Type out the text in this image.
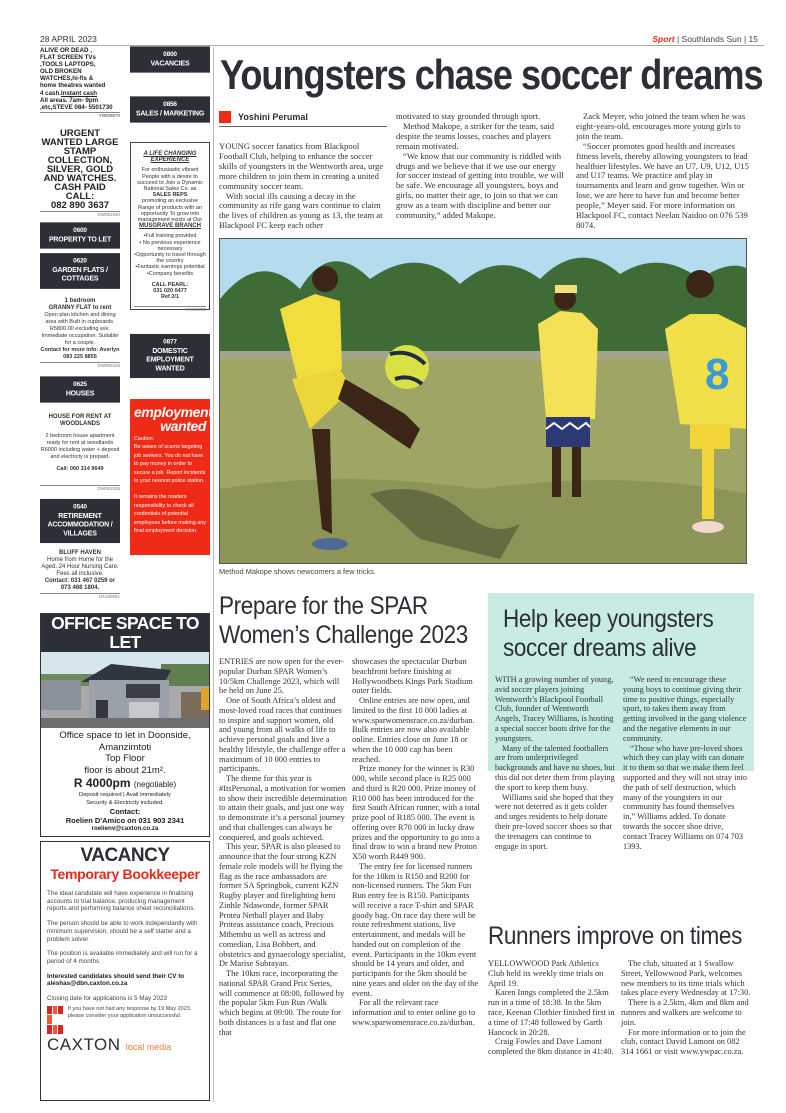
28 APRIL 2023	Sport | Southlands Sun | 15
ALIVE OR DEAD ,
FLAT SCREEN TVs
,TOOLS LAPTOPS,
OLD BROKEN
WATCHES,hi-fis &
home theatres wanted
4 cash.Instant cash
All areas. 7am- 9pm
,etc,STEVE 084- 5501730
YN005670
URGENT
WANTED LARGE
STAMP
COLLECTION,
SILVER, GOLD
AND WATCHES.
CASH PAID
CALL:
082 890 3637
DW051940
0600
PROPERTY TO LET
0620
GARDEN FLATS / COTTAGES
1 bedroom
GRANNY FLAT to rent
Open plan kitchen and dining area with Built in cupboards. R5800.00 excluding w/e. Immediate occupation. Suitable for a couple.
Contact for more info: Averlyn 083 225 8855
DW000429
0625
HOUSES
HOUSE FOR RENT AT WOODLANDS
2 bedroom house apartment ready for rent at woodlands R6000 including water + deposit and electricty is prepaid.
Call: 060 314 9649
DW051935
0540
RETIREMENT ACCOMMODATION / VILLAGES
BLUFF HAVEN
Home from Home for the Aged. 24 Hour Nursing Care. Fees all inclusive.
Contact: 031 467 0259 or 073 468 1804.
UX190091
0800
VACANCIES
0856
SALES / MARKETING
A LIFE CHANGING EXPERIENCE
For enthusiastic vibrant People with a desire to succeed to Join a Dynamic National Sales Co. as
SALES REPS
promoting an exclusive Range of products with an opportunity To grow into management exists at Our
MUSGRAVE BRANCH
•Full training provided
• No previous experience necessary
•Opportunity to travel through the country
•Fantastic earnings potential
•Company benefits
CALL PEARL:
031 020 0477
Ref 2/1
YN005730
0877
DOMESTIC EMPLOYMENT WANTED
employment
wanted
Caution:
Be aware of scams targeting job seekers. You do not have to pay money in order to secure a job. Report incidents to your nearest police station.
It remains the readers responsibility to check all credentials of potential employees before making any final employment decision.
OFFICE SPACE TO LET
Office space to let in Doonside,
Amanzimtoti
Top Floor
floor is about 21m².
R 4000pm (negotiable)
Deposit required | Avail immediately
Security & Electricity included.
Contact:
Roelien D'Amico on 031 903 2341
roelienv@caxton.co.za
VACANCY
Temporary Bookkeeper

The ideal candidate will have experience in finalising accounts to trial balance, producing management reports and performing balance sheet reconciliations.

The person should be able to work independantly with minimum supervision, should be a self starter and a problem solver

The position is available immediately and will run for a period of 4 months

Interested candidates should send their CV to aleshas@dbn.caxton.co.za

Closing date for applications is 5 May 2023

If you have not had any response by 19 May 2023, please consider your application unsuccessful.
CAXTON local media
Youngsters chase soccer dreams
Yoshini Perumal

YOUNG soccer fanatics from Blackpool Football Club, helping to enhance the soccer skills of youngsters in the Wentworth area, urge more children to join them in creating a united community soccer team.

With social ills causing a decay in the community as rife gang wars continue to claim the lives of children as young as 13, the team at Blackpool FC keep each other

motivated to stay grounded through sport.

Method Makope, a striker for the team, said despite the teams losses, coaches and players remain motivated.

“We know that our community is riddled with drugs and we believe that if we use our energy for soccer instead of getting into trouble, we will be safe. We encourage all youngsters, boys and girls, no matter their age, to join so that we can grow as a team with discipline and better our community,” added Makope.

Zack Meyer, who joined the team when he was eight-years-old, encourages more young girls to join the team.

“Soccer promotes good health and increases fitness levels, thereby allowing youngsters to lead healthier lifestyles. We have an U7, U9, U12, U15 and U17 teams. We practice and play in tournaments and learn and grow together. Win or lose, we are here to have fun and become better people,” Meyer said. For more information on Blackpool FC, contact Neelan Naidoo on 076 539 8074.

8
Method Makope shows newcomers a few tricks.
Prepare for the SPAR
Women’s Challenge 2023

ENTRIES are now open for the ever-popular Durban SPAR Women’s 10/5km Challenge 2023, which will be held on June 25.

One of South Africa’s oldest and most-loved road races that continues to inspire and support women, old and young from all walks of life to achieve personal goals and live a healthy lifestyle, the challenge offer a maximum of 10 000 entries to participants.

The theme for this year is #ItsPersonal, a motivation for women to show their incredible determination to attain their goals, and just one way to demonstrate it’s a personal journey and that challenges can always be conquered, and goals achieved.

This year, SPAR is also pleased to announce that the four strong KZN female role models will be flying the flag as the race ambassadors are former SA Springbok, current KZN Rugby player and firelighting hero Zinhle Ndawonde, former SPAR Protea Netball player and Baby Proteas assistance coach, Precious Mthembu as well as actress and comedian, Lisa Bobbert, and obstetrics and gynaecology specialist, Dr Marise Subrayan.

The 10km race, incorporating the national SPAR Grand Prix Series, will commence at 08:00, followed by the popular 5km Fun Run /Walk which begins at 09:00. The route for both distances is a fast and flat one that

showcases the spectacular Durban beachfront before finishing at Hollywoodbets Kings Park Stadium outer fields.

Online entries are now open, and limited to the first 10 000 ladies at www.sparwomensrace.co.za/durban. Bulk entries are now also available online. Entries close on June 18 or when the 10 000 cap has been reached.

Prize money for the winner is R30 000, while second place is R25 000 and third is R20 000. Prize money of R10 000 has been introduced for the first South African runner, with a total prize pool of R185 000. The event is offering over R70 000 in lucky draw prizes and the opportunity to go into a final draw to win a brand new Proton X50 worth R449 900.

The entry fee for licensed runners for the 10km is R150 and R200 for non-licensed runners. The 5km Fun Run entry fee is R150. Participants will receive a race T-shirt and SPAR goody bag. On race day there will be route refreshment stations, live entertainment, and medals will be handed out on completion of the event. Participants in the 10km event should be 14 years and older, and participants for the 5km should be nine years and older on the day of the event.

For all the relevant race information and to enter online go to www.sparwomensrace.co.za/durban.

Help keep youngsters
soccer dreams alive

WITH a growing number of young, avid soccer players joining Wentworth’s Blackpool Football Club, founder of Wentworth Angels, Tracey Williams, is hosting a special soccer boots drive for the youngsters.

Many of the talented footballers are from underprivileged backgrounds and have no shoes, but this did not deter them from playing the sport to keep them busy.

Williams said she hoped that they were not deterred as it gets colder and urges residents to help donate their pre-loved soccer shoes so that the teenagers can continue to engage in sport.

“We need to encourage these young boys to continue giving their time to positive things, especially sport, to takes them away from getting involved in the gang violence and the negative elements in our community.

“Those who have pre-loved shoes which they can play with can donate it to them so that we make them feel supported and they will not stray into the path of self destruction, which many of the youngsters in our community has found themselves in,” Williams added. To donate towards the soccer shoe drive, contact Tracey Williams on 074 703 1393.

Runners improve on times

YELLOWWOOD Park Athletics Club held its weekly time trials on April 19.

Karen Inngs completed the 2.5km run in a time of 18:38. In the 5km race, Keenan Clothier finished first in a time of 17:48 followed by Garth Hancock in 20:28.

Craig Fowles and Dave Lamont completed the 8km distance in 41:40.

The club, situated at 1 Swallow Street, Yellowwood Park, welcomes new members to its time trials which takes place every Wednesday at 17:30.

There is a 2.5km, 4km and 8km and runners and walkers are welcome to join.

For more information or to join the club, contact David Lamont on 082 314 1661 or visit www.ywpac.co.za.
